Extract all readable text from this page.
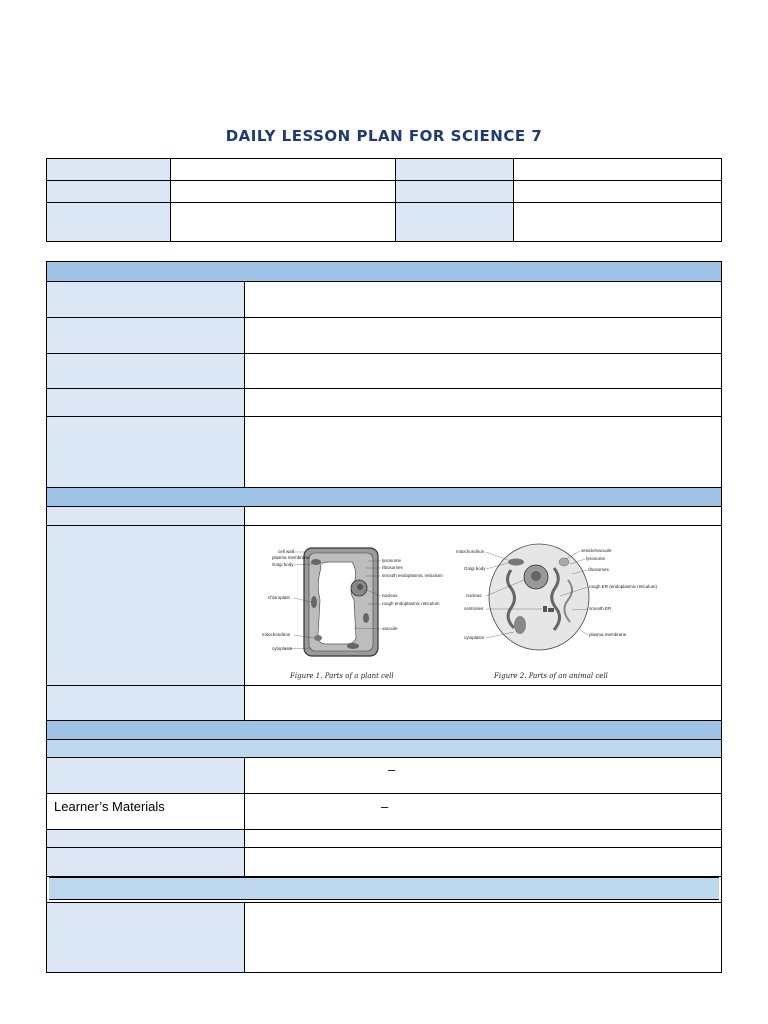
DAILY LESSON PLAN FOR SCIENCE 7
Learner’s Materials
–
–
cell wall
plasma membrane
Golgi body
chloroplast
mitochondrion
cytoplasm
lysosome
ribosomes
smooth endoplasmic reticulum
nucleus
rough endoplasmic reticulum
vacuole
Figure 1. Parts of a plant cell
mitochondrion
Golgi body
nucleus
centrioles
cytoplasm
vesicle/vacuole
lysosome
ribosomes
rough ER (endoplasmic reticulum)
smooth ER
plasma membrane
Figure 2. Parts of an animal cell
